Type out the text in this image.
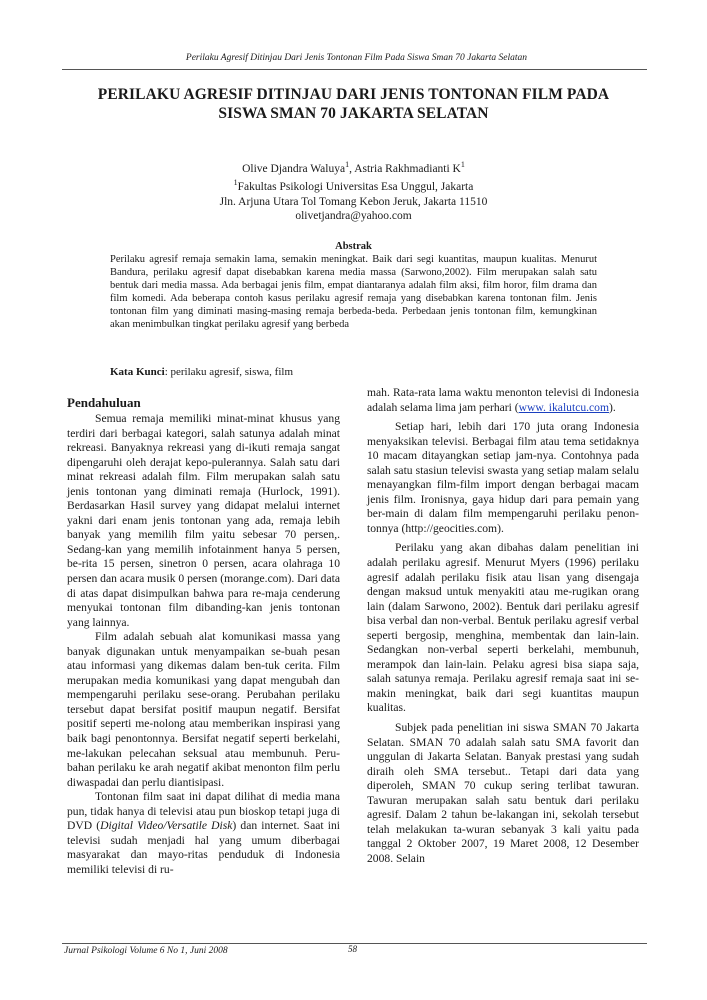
Perilaku Agresif Ditinjau Dari Jenis Tontonan Film Pada Siswa Sman 70 Jakarta Selatan
PERILAKU AGRESIF DITINJAU DARI JENIS TONTONAN FILM PADA
SISWA SMAN 70 JAKARTA SELATAN
Olive Djandra Waluya$^1$, Astria Rakhmadianti $K^1$
$^1$Fakultas Psikologi Universitas Esa Unggul, Jakarta
Jln. Arjuna Utara Tol Tomang Kebon Jeruk, Jakarta 11510
olivetjandra@yahoo.com
Abstrak
Perilaku agresif remaja semakin lama, semakin meningkat. Baik dari segi kuantitas, maupun kualitas. Menurut Bandura, perilaku agresif dapat disebabkan karena media massa (Sarwono,2002). Film merupakan salah satu bentuk dari media massa. Ada berbagai jenis film, empat diantaranya adalah film aksi, film horor, film drama dan film komedi. Ada beberapa contoh kasus perilaku agresif remaja yang disebabkan karena tontonan film. Jenis tontonan film yang diminati masing-masing remaja berbeda-beda. Perbedaan jenis tontonan film, kemungkinan akan menimbulkan tingkat perilaku agresif yang berbeda
Kata Kunci: perilaku agresif, siswa, film
Pendahuluan

Semua remaja memiliki minat-minat khusus yang terdiri dari berbagai kategori, salah satunya adalah minat rekreasi. Banyaknya rekreasi yang di-ikuti remaja sangat dipengaruhi oleh derajat kepo-pulerannya. Salah satu dari minat rekreasi adalah film. Film merupakan salah satu jenis tontonan yang diminati remaja (Hurlock, 1991). Berdasarkan Hasil survey yang didapat melalui internet yakni dari enam jenis tontonan yang ada, remaja lebih banyak yang memilih film yaitu sebesar 70 persen,. Sedang-kan yang memilih infotainment hanya 5 persen, be-rita 15 persen, sinetron 0 persen, acara olahraga 10 persen dan acara musik 0 persen (morange.com). Dari data di atas dapat disimpulkan bahwa para re-maja cenderung menyukai tontonan film dibanding-kan jenis tontonan yang lainnya.

Film adalah sebuah alat komunikasi massa yang banyak digunakan untuk menyampaikan se-buah pesan atau informasi yang dikemas dalam ben-tuk cerita. Film merupakan media komunikasi yang dapat mengubah dan mempengaruhi perilaku sese-orang. Perubahan perilaku tersebut dapat bersifat positif maupun negatif. Bersifat positif seperti me-nolong atau memberikan inspirasi yang baik bagi penontonnya. Bersifat negatif seperti berkelahi, me-lakukan pelecahan seksual atau membunuh. Peru-bahan perilaku ke arah negatif akibat menonton film perlu diwaspadai dan perlu diantisipasi.

Tontonan film saat ini dapat dilihat di media mana pun, tidak hanya di televisi atau pun bioskop tetapi juga di DVD (Digital Video/Versatile Disk) dan internet. Saat ini televisi sudah menjadi hal yang umum diberbagai masyarakat dan mayo-ritas penduduk di Indonesia memiliki televisi di ru-

mah. Rata-rata lama waktu menonton televisi di Indonesia adalah selama lima jam perhari (www. ikalutcu.com).

Setiap hari, lebih dari 170 juta orang Indonesia menyaksikan televisi. Berbagai film atau tema setidaknya 10 macam ditayangkan setiap jam-nya. Contohnya pada salah satu stasiun televisi swasta yang setiap malam selalu menayangkan film-film import dengan berbagai macam jenis film. Ironisnya, gaya hidup dari para pemain yang ber-main di dalam film mempengaruhi perilaku penon-tonnya (http://geocities.com).

Perilaku yang akan dibahas dalam penelitian ini adalah perilaku agresif. Menurut Myers (1996) perilaku agresif adalah perilaku fisik atau lisan yang disengaja dengan maksud untuk menyakiti atau me-rugikan orang lain (dalam Sarwono, 2002). Bentuk dari perilaku agresif bisa verbal dan non-verbal. Bentuk perilaku agresif verbal seperti bergosip, menghina, membentak dan lain-lain. Sedangkan non-verbal seperti berkelahi, membunuh, merampok dan lain-lain. Pelaku agresi bisa siapa saja, salah satunya remaja. Perilaku agresif remaja saat ini se-makin meningkat, baik dari segi kuantitas maupun kualitas.

Subjek pada penelitian ini siswa SMAN 70 Jakarta Selatan. SMAN 70 adalah salah satu SMA favorit dan unggulan di Jakarta Selatan. Banyak prestasi yang sudah diraih oleh SMA tersebut.. Tetapi dari data yang diperoleh, SMAN 70 cukup sering terlibat tawuran. Tawuran merupakan salah satu bentuk dari perilaku agresif. Dalam 2 tahun be-lakangan ini, sekolah tersebut telah melakukan ta-wuran sebanyak 3 kali yaitu pada tanggal 2 Oktober 2007, 19 Maret 2008, 12 Desember 2008. Selain

Jurnal Psikologi Volume 6 No 1, Juni 2008	58
